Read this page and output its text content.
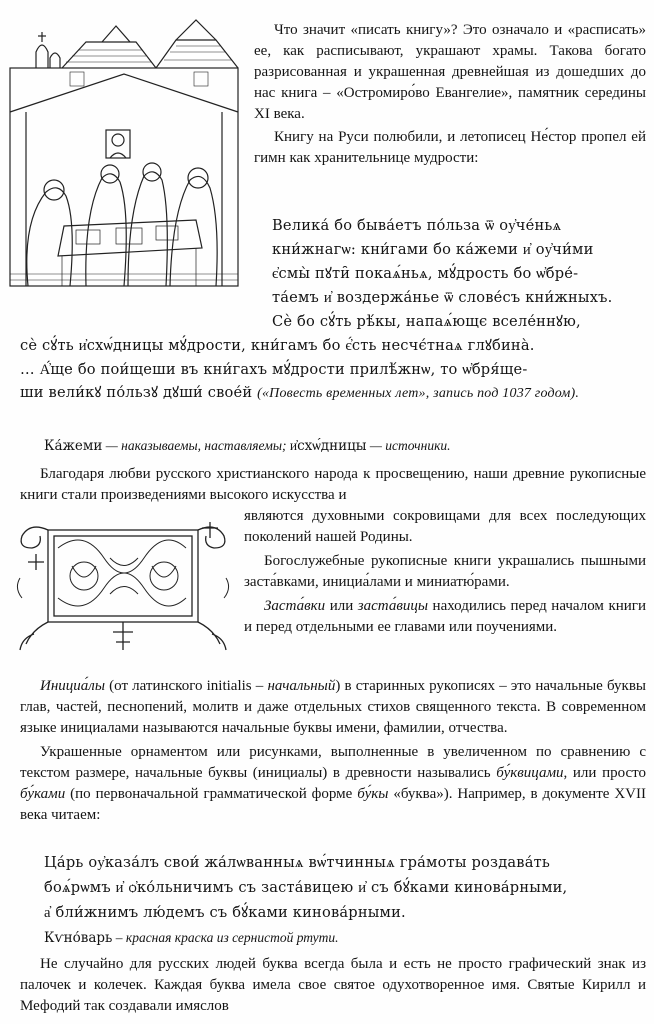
Что значит «писать книгу»? Это означало и «расписать» ее, как расписывают, украшают храмы. Такова богато разрисованная и украшенная древнейшая из дошедших до нас книга – «Остромиро́во Евангелие», памятник середины XI века.

Книгу на Руси полюбили, и летописец Не́стор пропел ей гимн как хранительнице мудрости:

Велика́ бо быва́етъ по́льза ѿ оу҆че́ньѧ

кни́жнагѡ: кни́гами бо ка́жеми и҆ оу҆чи́ми

є҆смы̀ пꙋти̑ покаѧ́ньѧ, мꙋ́дрость бо ѡ҆бре́-

та́емъ и҆ воздержа́нье ѿ слове́съ кни́жныхъ.

Сѐ бо сꙋ́ть рѣ́кы, напаѧ́ющє вселе́ннꙋю,

сѐ сꙋ́ть и҆схѡ́дницы мꙋ́дрости, кни́гамъ бо є҆́сть несчє́тнаѧ глꙋбина̀.

… А҆́ще бо пои́щеши въ кни́гахъ мꙋ́дрости прилѣ́жнѡ, то ѡ҆бря́ще-

ши вели́кꙋ по́льзꙋ дꙋши́ свое́й («Повесть временных лет», запись под 1037 годом).

Ка́жеми — наказываемы, наставляемы; и҆схѡ́дницы — источники.

Благодаря любви русского христианского народа к просвещению, наши древние рукописные книги стали произведениями высокого искусства и

являются духовными сокровищами для всех последующих поколений нашей Родины.

Богослужебные рукописные книги украшались пышными заста́вками, инициа́лами и миниатю́рами.

Заста́вки или заста́вицы находились перед началом книги и перед отдельными ее главами или поучениями.

Инициа́лы (от латинского initialis – начальный) в старинных рукописях – это начальные буквы глав, частей, песнопений, молитв и даже отдельных стихов священного текста. В современном языке инициалами называются начальные буквы имени, фамилии, отчества.

Украшенные орнаментом или рисунками, выполненные в увеличенном по сравнению с текстом размере, начальные буквы (инициалы) в древности назывались бу́квицами, или просто бу́ками (по первоначальной грамматической форме бу́кы «буква»). Например, в документе XVII века читаем:

Ца́рь оу҆каза́лъ свои́ жа́лѡванныѧ вѡ́тчинныѧ гра́моты роздава́ть

боѧ́рѡмъ и҆ ѻ҆ко́льничимъ съ заста́вицею и҆ съ бꙋ́ками кинова́рными,

а҆ бли́жнимъ лю́демъ съ бꙋ́ками кинова́рными.

Кѵно́варь – красная краска из сернистой ртути.

Не случайно для русских людей буква всегда была и есть не просто графический знак из палочек и колечек. Каждая буква имела свое святое одухотворенное имя. Святые Кирилл и Мефодий так создавали имяслов
